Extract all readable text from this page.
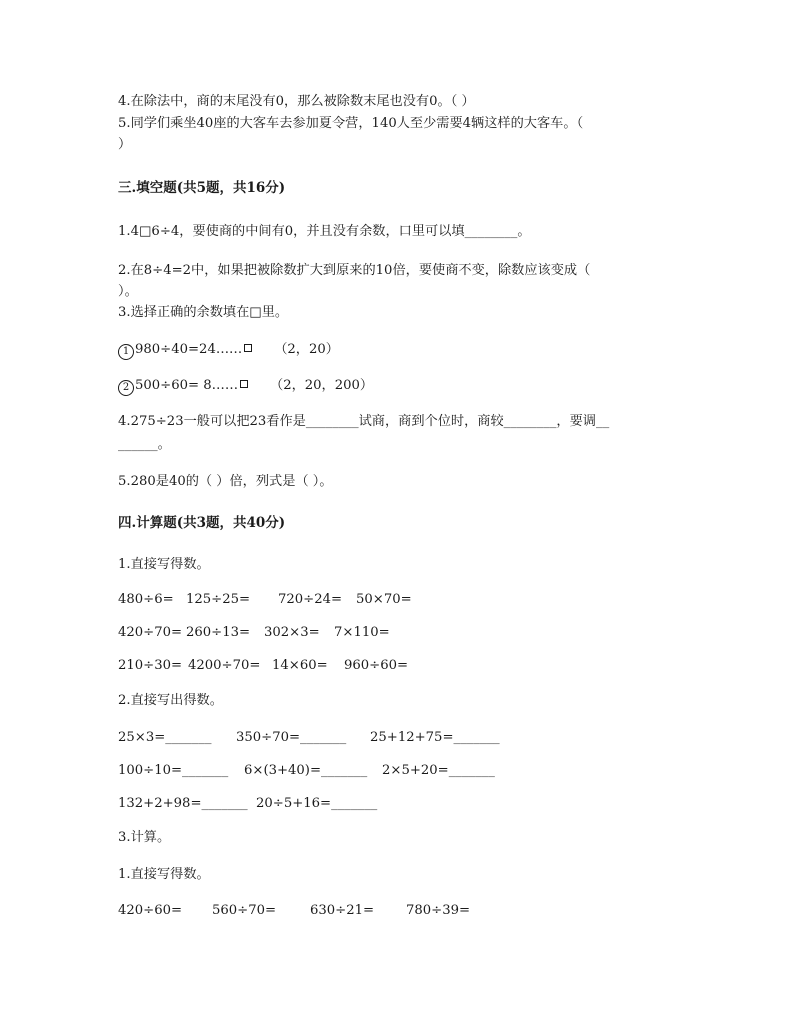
4.在除法中，商的末尾没有0，那么被除数末尾也没有0。（ ）
5.同学们乘坐40座的大客车去参加夏令营，140人至少需要4辆这样的大客车。（
）
三.填空题(共5题，共16分)
1.4□6÷4，要使商的中间有0，并且没有余数，口里可以填________。
2.在8÷4=2中，如果把被除数扩大到原来的10倍，要使商不变，除数应该变成（
）。
3.选择正确的余数填在□里。
1 980÷40=24…… （2，20）
2 500÷60= 8…… （2，20，200）
4.275÷23一般可以把23看作是________试商，商到个位时，商较________，要调__
______。
5.280是40的（ ）倍，列式是（ ）。
四.计算题(共3题，共40分)
1.直接写得数。
480÷6= 125÷25= 720÷24= 50×70=
420÷70= 260÷13= 302×3= 7×110=
210÷30= 4200÷70= 14×60= 960÷60=
2.直接写出得数。
25×3=_______ 350÷70=_______ 25+12+75=_______
100÷10=_______ 6×(3+40)=_______ 2×5+20=_______
132+2+98=_______ 20÷5+16=_______
3.计算。
1.直接写得数。
420÷60= 560÷70=	630÷21= 780÷39=
